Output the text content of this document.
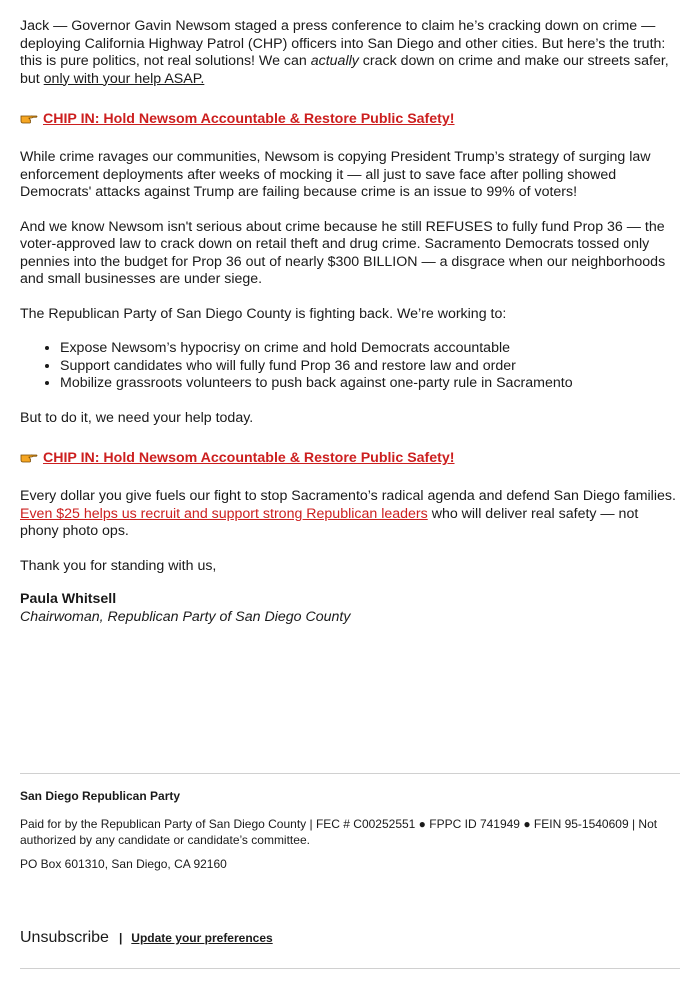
Jack — Governor Gavin Newsom staged a press conference to claim he’s cracking down on crime — deploying California Highway Patrol (CHP) officers into San Diego and other cities. But here’s the truth: this is pure politics, not real solutions! We can actually crack down on crime and make our streets safer, but only with your help ASAP.

CHIP IN: Hold Newsom Accountable & Restore Public Safety!

While crime ravages our communities, Newsom is copying President Trump’s strategy of surging law enforcement deployments after weeks of mocking it — all just to save face after polling showed Democrats' attacks against Trump are failing because crime is an issue to 99% of voters!

And we know Newsom isn't serious about crime because he still REFUSES to fully fund Prop 36 — the voter-approved law to crack down on retail theft and drug crime. Sacramento Democrats tossed only pennies into the budget for Prop 36 out of nearly $300 BILLION — a disgrace when our neighborhoods and small businesses are under siege.

The Republican Party of San Diego County is fighting back. We’re working to:

• Expose Newsom’s hypocrisy on crime and hold Democrats accountable
• Support candidates who will fully fund Prop 36 and restore law and order
• Mobilize grassroots volunteers to push back against one-party rule in Sacramento

But to do it, we need your help today.

CHIP IN: Hold Newsom Accountable & Restore Public Safety!

Every dollar you give fuels our fight to stop Sacramento’s radical agenda and defend San Diego families. Even $25 helps us recruit and support strong Republican leaders who will deliver real safety — not phony photo ops.

Thank you for standing with us,

Paula Whitsell

Chairwoman, Republican Party of San Diego County

San Diego Republican Party
Paid for by the Republican Party of San Diego County | FEC # C00252551 ● FPPC ID 741949 ● FEIN 95-1540609 | Not authorized by any candidate or candidate’s committee.
PO Box 601310, San Diego, CA 92160
Unsubscribe | Update your preferences
